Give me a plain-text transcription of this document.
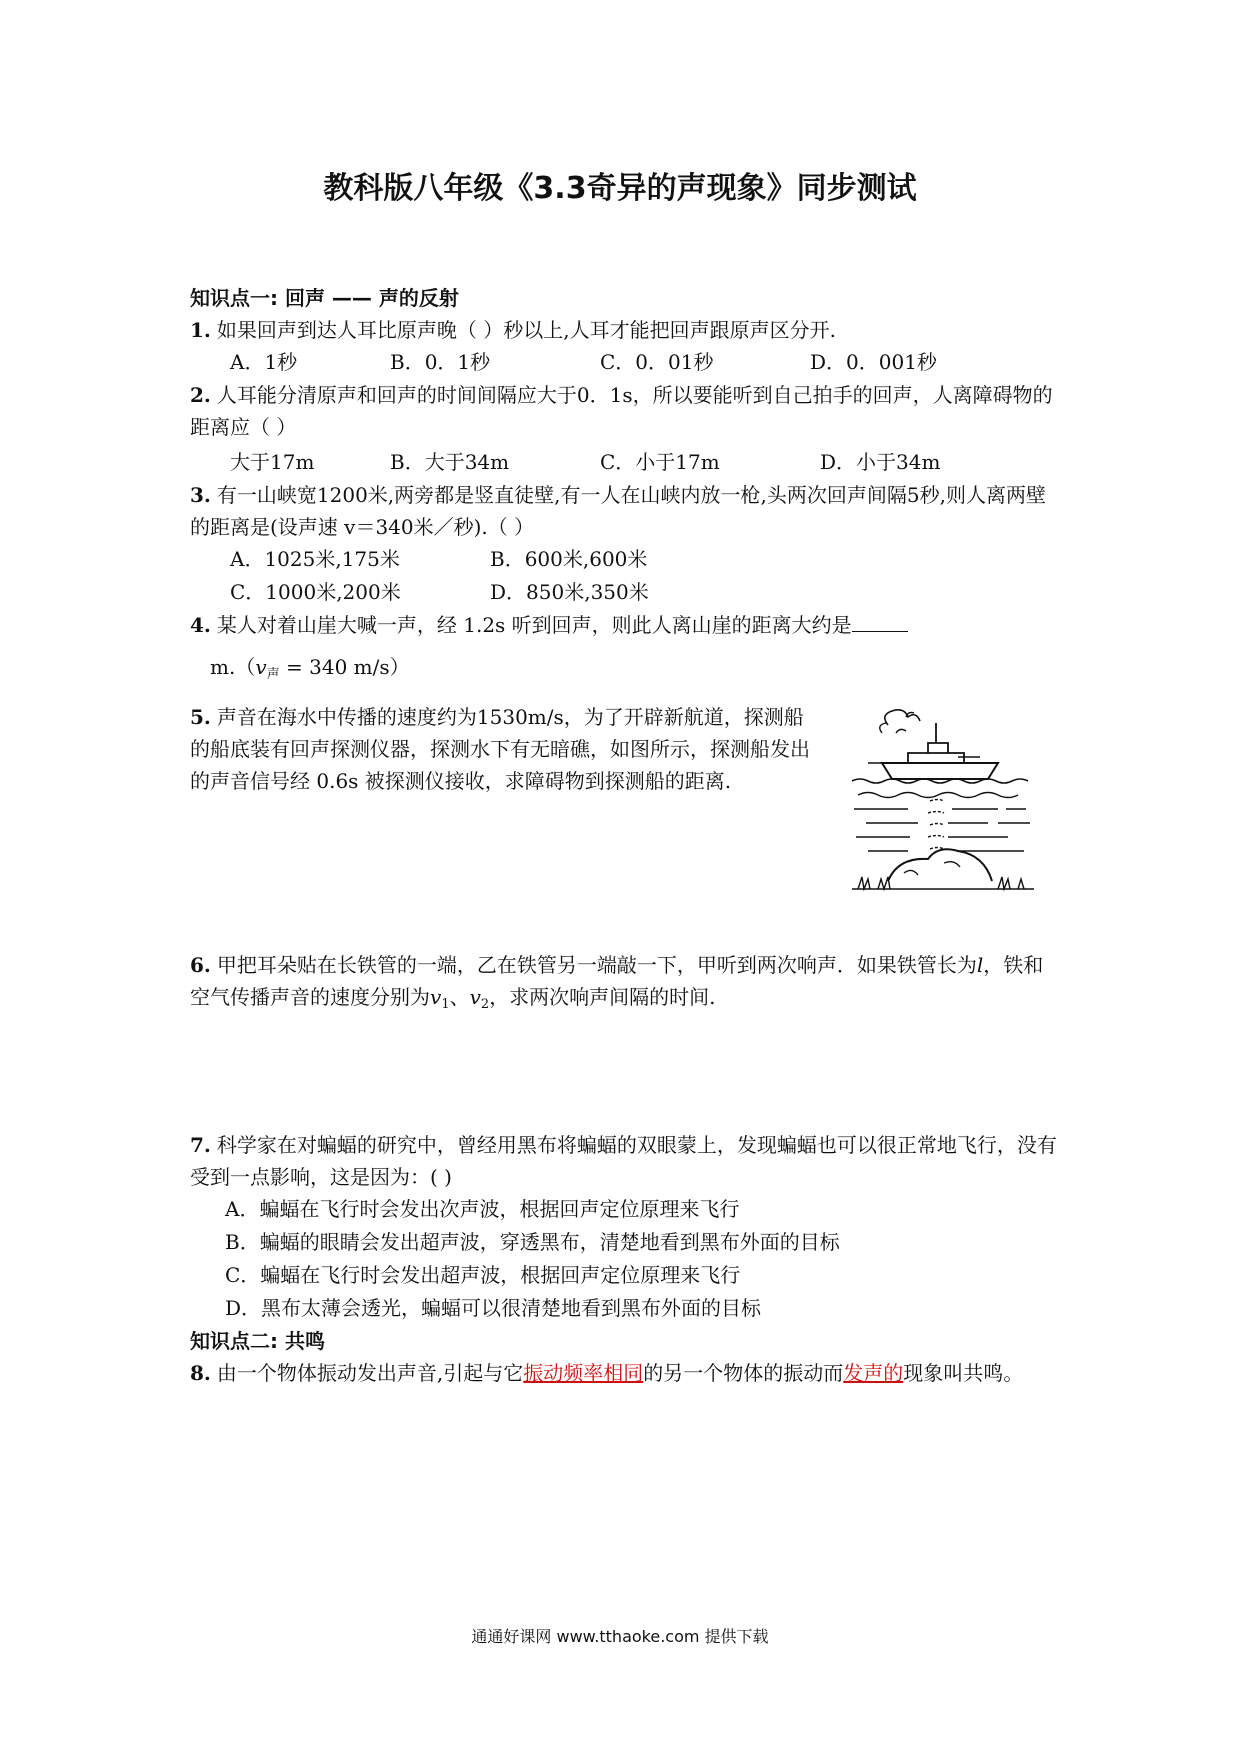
教科版八年级《3.3奇异的声现象》同步测试
知识点一: 回声 —— 声的反射
1. 如果回声到达人耳比原声晚（ ）秒以上,人耳才能把回声跟原声区分开.
A．1秒	B．0．1秒	C．0．01秒	D．0．001秒
2. 人耳能分清原声和回声的时间间隔应大于0．1s，所以要能听到自己拍手的回声，人离障碍物的距离应（ ）
大于17m	B．大于34m	C．小于17m	D．小于34m
3. 有一山峡宽1200米,两旁都是竖直徒壁,有一人在山峡内放一枪,头两次回声间隔5秒,则人离两壁的距离是(设声速 v＝340米／秒).（ ）
A．1025米,175米	B．600米,600米
C．1000米,200米	D．850米,350米
4. 某人对着山崖大喊一声，经 1.2s 听到回声，则此人离山崖的距离大约是
$m.(v_声 = 340$ m/s）
5. 声音在海水中传播的速度约为1530m/s，为了开辟新航道，探测船的船底装有回声探测仪器，探测水下有无暗礁，如图所示，探测船发出的声音信号经 0.6s 被探测仪接收，求障碍物到探测船的距离.
6. 甲把耳朵贴在长铁管的一端，乙在铁管另一端敲一下，甲听到两次响声．如果铁管长为l，铁和空气传播声音的速度分别为$v_1$、$v_2$，求两次响声间隔的时间.
7. 科学家在对蝙蝠的研究中，曾经用黑布将蝙蝠的双眼蒙上，发现蝙蝠也可以很正常地飞行，没有受到一点影响，这是因为：( )
A．蝙蝠在飞行时会发出次声波，根据回声定位原理来飞行
B．蝙蝠的眼睛会发出超声波，穿透黑布，清楚地看到黑布外面的目标
C．蝙蝠在飞行时会发出超声波，根据回声定位原理来飞行
D．黑布太薄会透光，蝙蝠可以很清楚地看到黑布外面的目标
知识点二: 共鸣
8. 由一个物体振动发出声音,引起与它振动频率相同的另一个物体的振动而发声的现象叫共鸣。
通通好课网 www.tthaoke.com 提供下载
